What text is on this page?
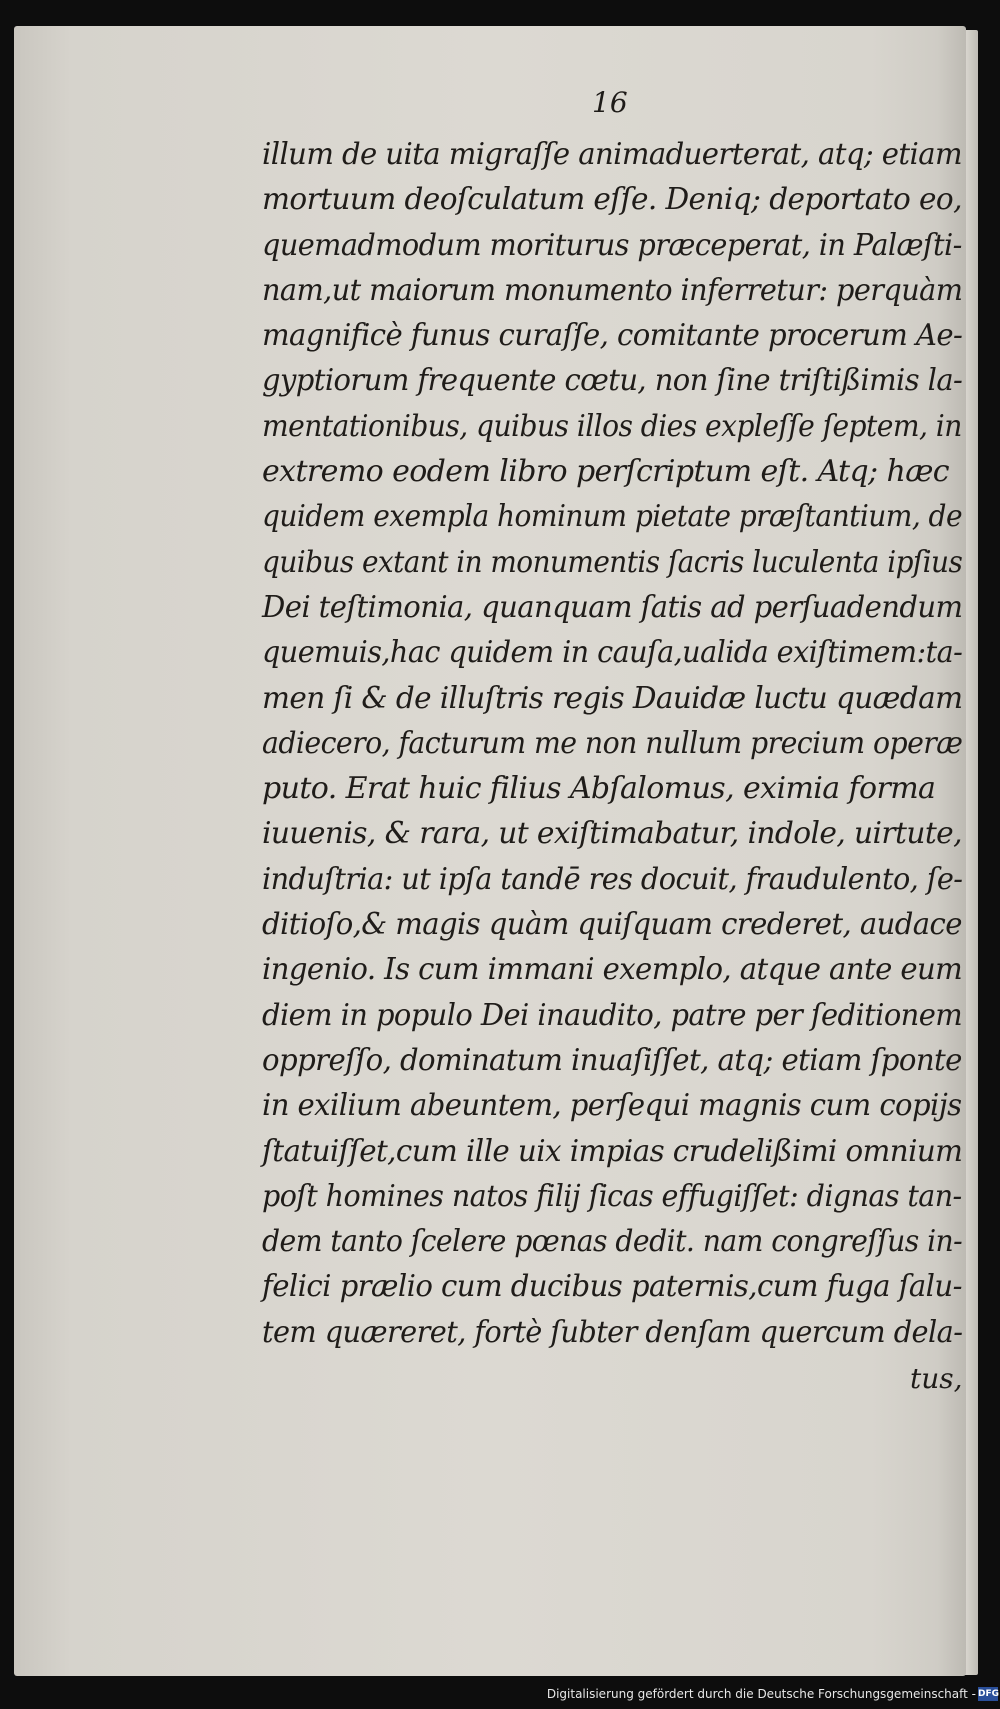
16
illum de uita migraſſe animaduerterat, atq; etiam
mortuum deoſculatum eſſe. Deniq; deportato eo,
quemadmodum moriturus præceperat, in Palæſti-
nam,ut maiorum monumento inferretur: perquàm
magnificè funus curaſſe, comitante procerum Ae-
gyptiorum frequente cœtu, non ſine triſtißimis la-
mentationibus, quibus illos dies expleſſe ſeptem, in
extremo eodem libro perſcriptum eſt. Atq; hæc
quidem exempla hominum pietate præſtantium, de
quibus extant in monumentis ſacris luculenta ipſius
Dei teſtimonia, quanquam ſatis ad perſuadendum
quemuis,hac quidem in cauſa,ualida exiſtimem:ta-
men ſi & de illuſtris regis Dauidæ luctu quædam
adiecero, facturum me non nullum precium operæ
puto. Erat huic filius Abſalomus, eximia forma
iuuenis, & rara, ut exiſtimabatur, indole, uirtute,
induſtria: ut ipſa tandē res docuit, fraudulento, ſe-
ditioſo,& magis quàm quiſquam crederet, audace
ingenio. Is cum immani exemplo, atque ante eum
diem in populo Dei inaudito, patre per ſeditionem
oppreſſo, dominatum inuaſiſſet, atq; etiam ſponte
in exilium abeuntem, perſequi magnis cum copijs
ſtatuiſſet,cum ille uix impias crudelißimi omnium
poſt homines natos filij ſicas effugiſſet: dignas tan-
dem tanto ſcelere pœnas dedit. nam congreſſus in-
felici prælio cum ducibus paternis,cum fuga ſalu-
tem quæreret, fortè ſubter denſam quercum dela-
tus,
Digitalisierung gefördert durch die Deutsche Forschungsgemeinschaft - DFG
